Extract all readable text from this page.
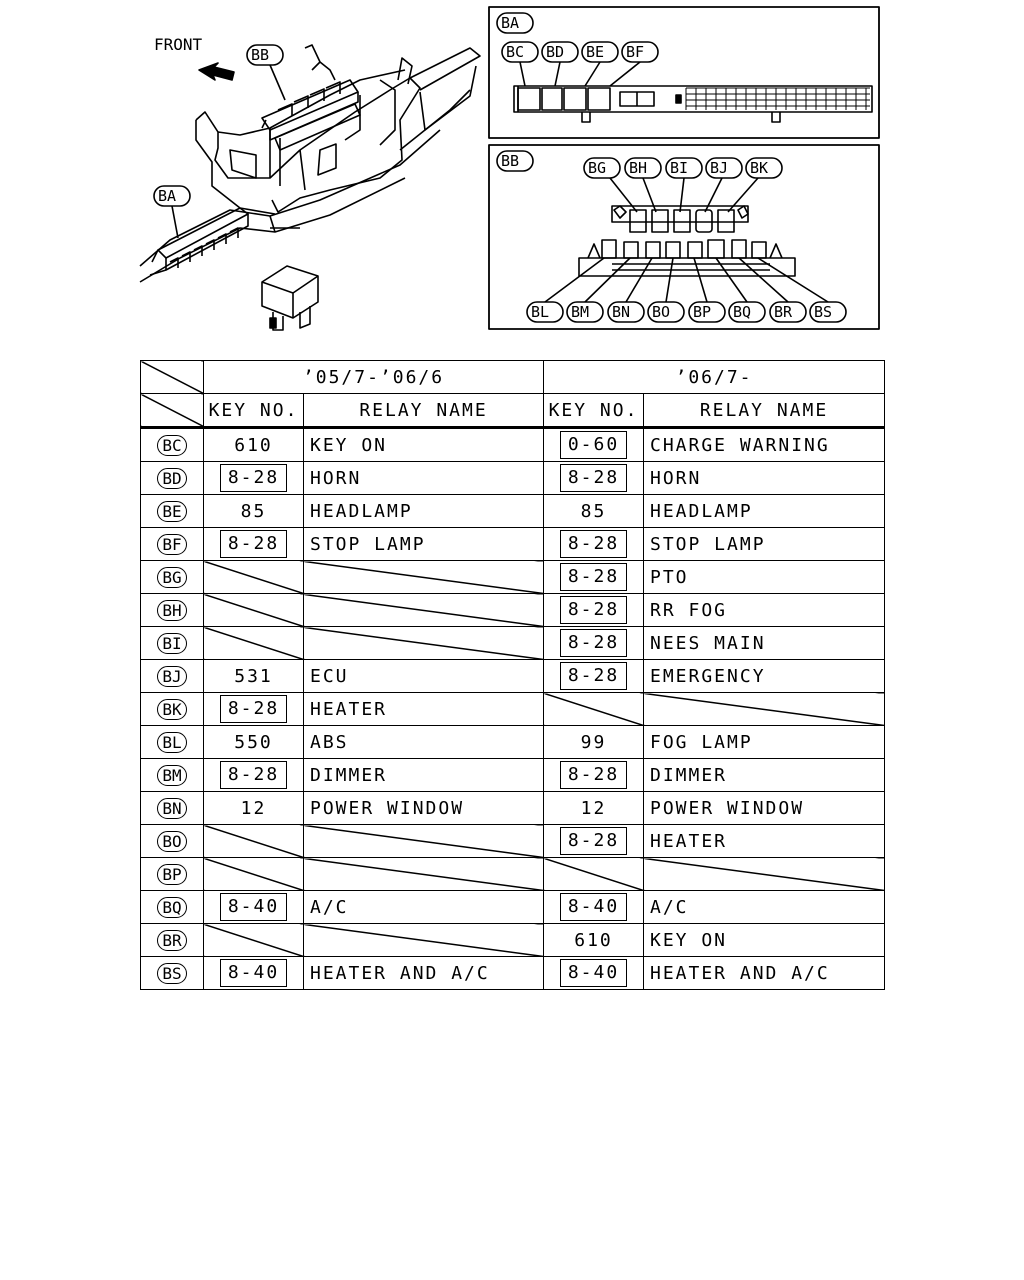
FRONT
BB
BA
BA
BC BD BE BF
BB	BG BH BI BJ BK
BL BM BN BO BP BQ BR BS
	’05/7-’06/6		’06/7-	
	KEY NO.	RELAY NAME	KEY NO.	RELAY NAME
BC	610	KEY ON	0-60	CHARGE WARNING
BD	8-28	HORN	8-28	HORN
BE	85	HEADLAMP	85	HEADLAMP
BF	8-28	STOP LAMP	8-28	STOP LAMP
BG			8-28	PTO
BH			8-28	RR FOG
BI			8-28	NEES MAIN
BJ	531	ECU	8-28	EMERGENCY
BK	8-28	HEATER		
BL	550	ABS	99	FOG LAMP
BM	8-28	DIMMER	8-28	DIMMER
BN	12	POWER WINDOW	12	POWER WINDOW
BO			8-28	HEATER
BP				
BQ	8-40	A/C	8-40	A/C
BR			610	KEY ON
BS	8-40	HEATER AND A/C	8-40	HEATER AND A/C
